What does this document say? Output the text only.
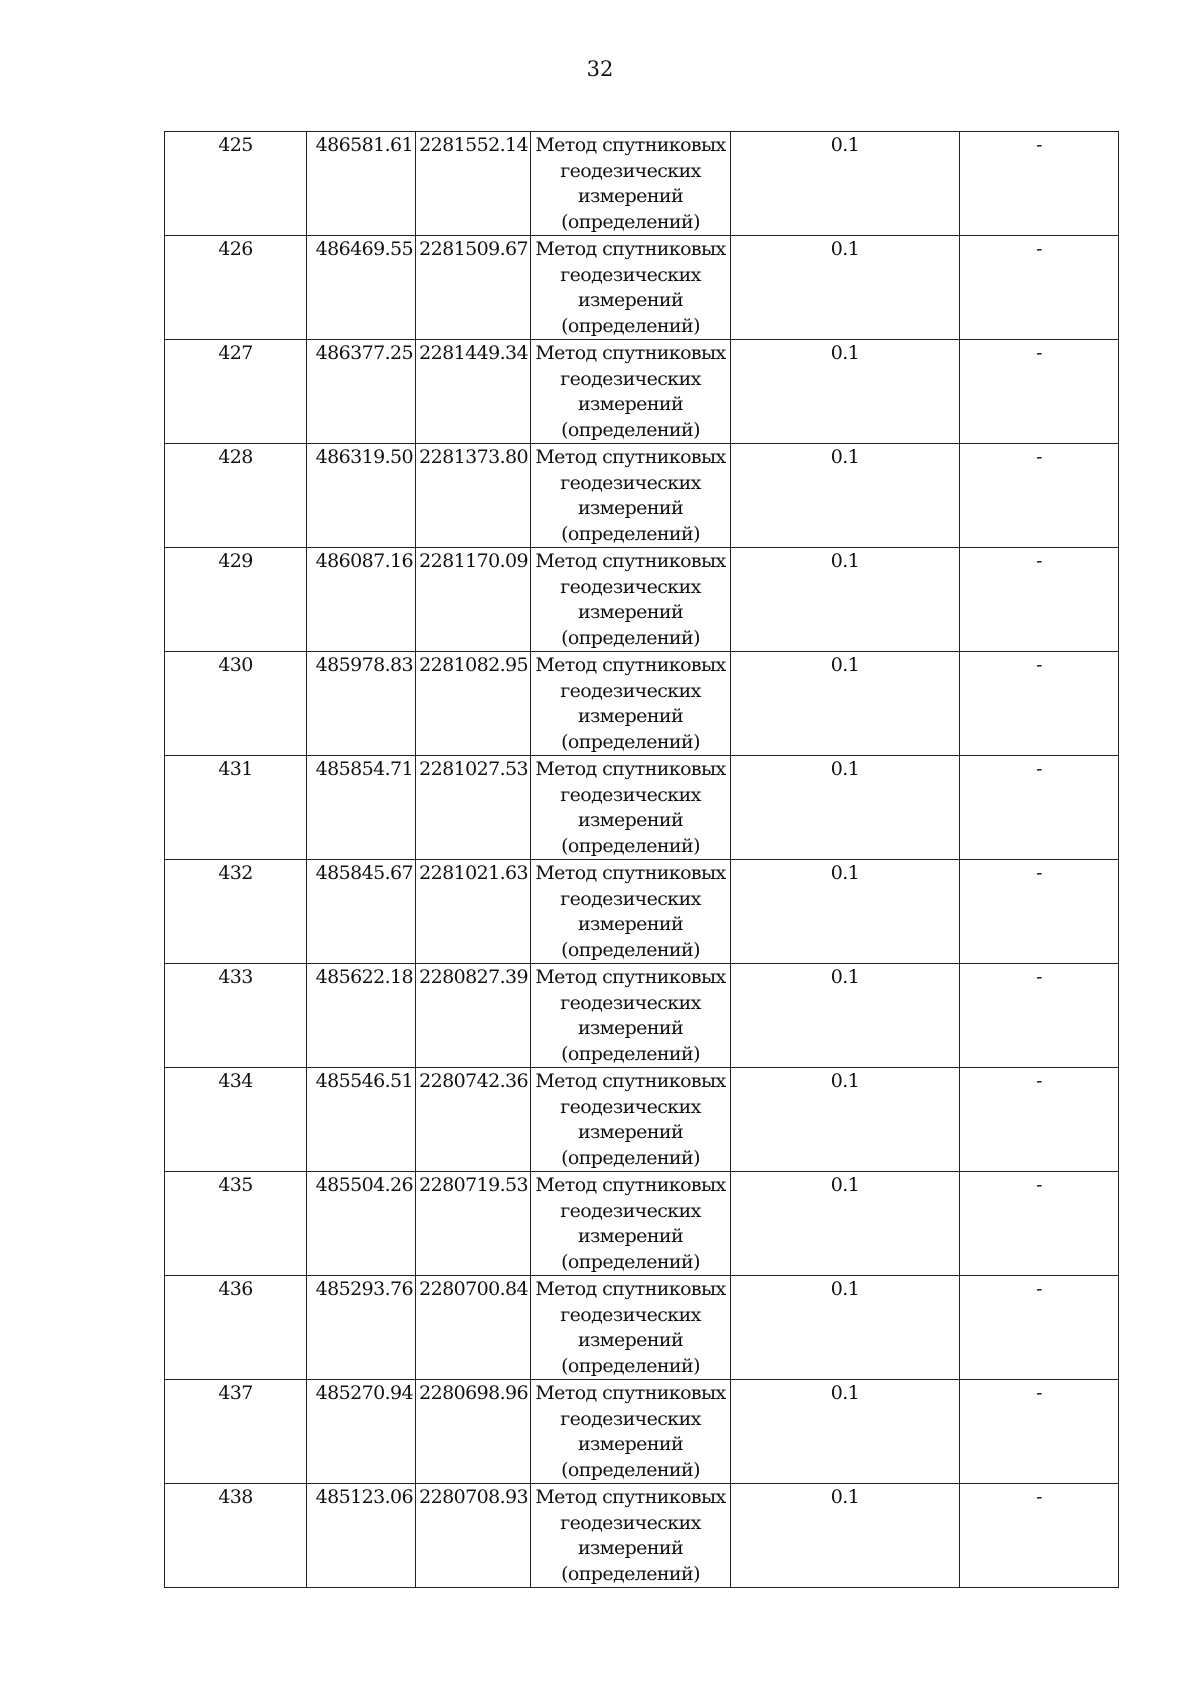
32
425	486581.61	2281552.14	Метод спутниковых
геодезических
измерений
(определений)	0.1	-
426	486469.55	2281509.67	Метод спутниковых
геодезических
измерений
(определений)	0.1	-
427	486377.25	2281449.34	Метод спутниковых
геодезических
измерений
(определений)	0.1	-
428	486319.50	2281373.80	Метод спутниковых
геодезических
измерений
(определений)	0.1	-
429	486087.16	2281170.09	Метод спутниковых
геодезических
измерений
(определений)	0.1	-
430	485978.83	2281082.95	Метод спутниковых
геодезических
измерений
(определений)	0.1	-
431	485854.71	2281027.53	Метод спутниковых
геодезических
измерений
(определений)	0.1	-
432	485845.67	2281021.63	Метод спутниковых
геодезических
измерений
(определений)	0.1	-
433	485622.18	2280827.39	Метод спутниковых
геодезических
измерений
(определений)	0.1	-
434	485546.51	2280742.36	Метод спутниковых
геодезических
измерений
(определений)	0.1	-
435	485504.26	2280719.53	Метод спутниковых
геодезических
измерений
(определений)	0.1	-
436	485293.76	2280700.84	Метод спутниковых
геодезических
измерений
(определений)	0.1	-
437	485270.94	2280698.96	Метод спутниковых
геодезических
измерений
(определений)	0.1	-
438	485123.06	2280708.93	Метод спутниковых
геодезических
измерений
(определений)	0.1	-
